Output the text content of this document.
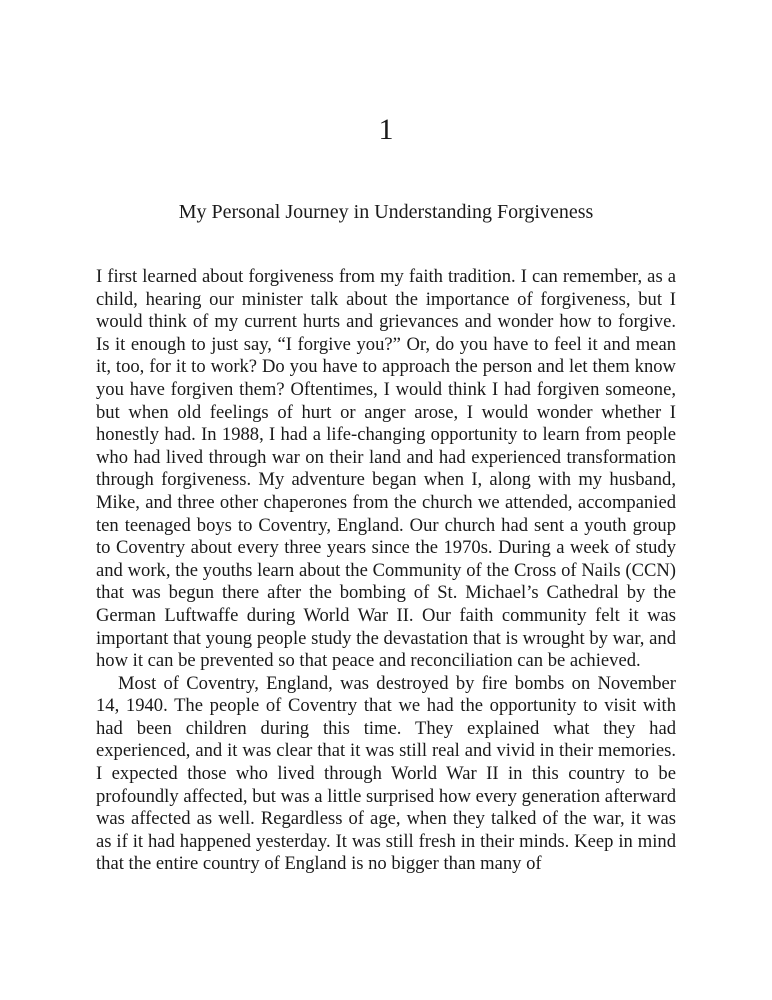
1
My Personal Journey in Understanding Forgiveness

I first learned about forgiveness from my faith tradition. I can remember, as a child, hearing our minister talk about the importance of forgiveness, but I would think of my current hurts and grievances and wonder how to forgive. Is it enough to just say, “I forgive you?” Or, do you have to feel it and mean it, too, for it to work? Do you have to approach the person and let them know you have forgiven them? Oftentimes, I would think I had forgiven someone, but when old feelings of hurt or anger arose, I would wonder whether I honestly had. In 1988, I had a life-changing opportunity to learn from people who had lived through war on their land and had experienced transformation through forgiveness. My adventure began when I, along with my husband, Mike, and three other chaperones from the church we attended, accompanied ten teenaged boys to Coventry, England. Our church had sent a youth group to Coventry about every three years since the 1970s. During a week of study and work, the youths learn about the Community of the Cross of Nails (CCN) that was begun there after the bombing of St. Michael’s Cathedral by the German Luftwaffe during World War II. Our faith community felt it was important that young people study the devastation that is wrought by war, and how it can be prevented so that peace and reconciliation can be achieved.

Most of Coventry, England, was destroyed by fire bombs on November 14, 1940. The people of Coventry that we had the opportunity to visit with had been children during this time. They explained what they had experienced, and it was clear that it was still real and vivid in their memories. I expected those who lived through World War II in this country to be profoundly affected, but was a little surprised how every generation afterward was affected as well. Regardless of age, when they talked of the war, it was as if it had happened yesterday. It was still fresh in their minds. Keep in mind that the entire country of England is no bigger than many of
